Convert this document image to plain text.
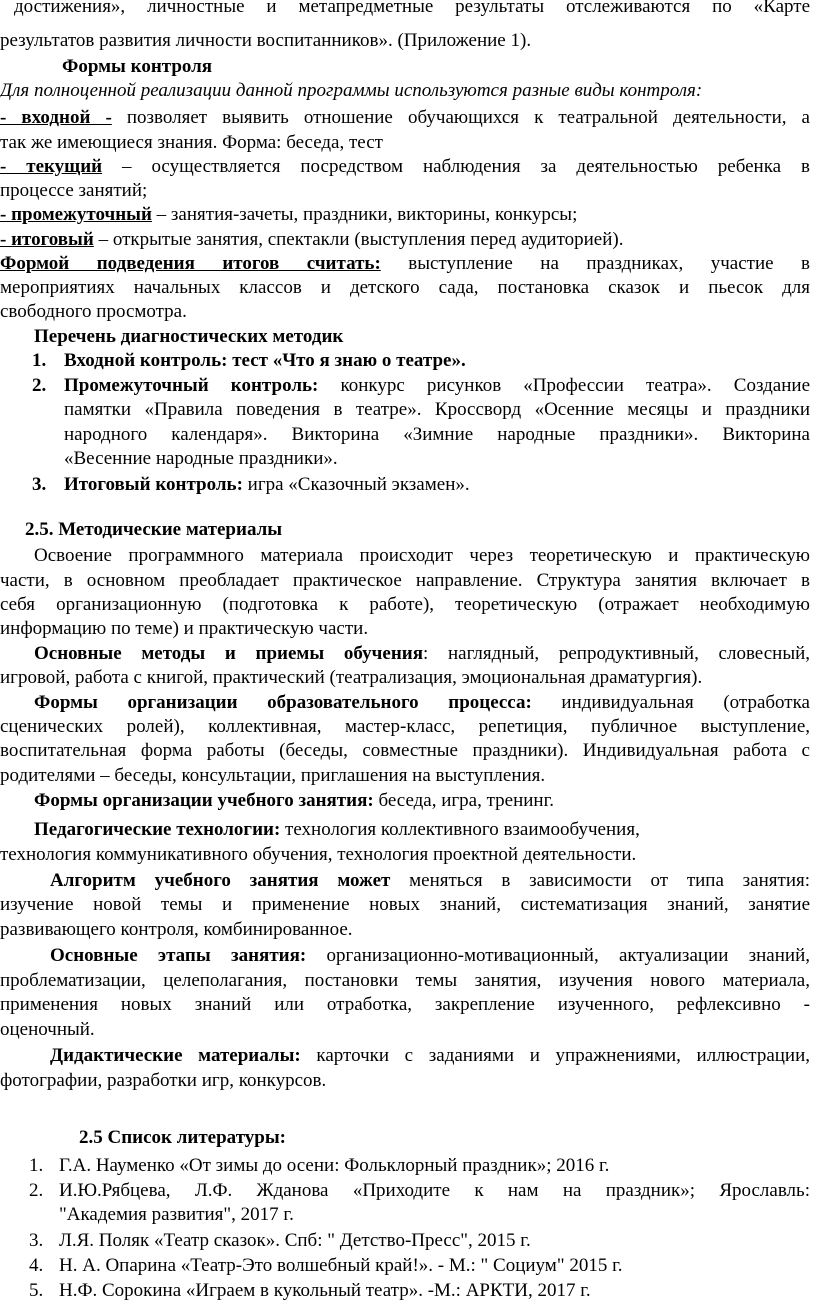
достижения», личностные и метапредметные результаты отслеживаются по «Карте
результатов развития личности воспитанников». (Приложение 1).
Формы контроля
Для полноценной реализации данной программы используются разные виды контроля:
- входной - позволяет выявить отношение обучающихся к театральной деятельности, а
так же имеющиеся знания. Форма: беседа, тест
- текущий – осуществляется посредством наблюдения за деятельностью ребенка в
процессе занятий;
- промежуточный – занятия-зачеты, праздники, викторины, конкурсы;
- итоговый – открытые занятия, спектакли (выступления перед аудиторией).
Формой подведения итогов считать: выступление на праздниках, участие в
мероприятиях начальных классов и детского сада, постановка сказок и пьесок для
свободного просмотра.
Перечень диагностических методик
1. Входной контроль: тест «Что я знаю о театре».
2. Промежуточный контроль: конкурс рисунков «Профессии театра». Создание
памятки «Правила поведения в театре». Кроссворд «Осенние месяцы и праздники
народного календаря». Викторина «Зимние народные праздники». Викторина
«Весенние народные праздники».
3. Итоговый контроль: игра «Сказочный экзамен».
2.5. Методические материалы
Освоение программного материала происходит через теоретическую и практическую
части, в основном преобладает практическое направление. Структура занятия включает в
себя организационную (подготовка к работе), теоретическую (отражает необходимую
информацию по теме) и практическую части.
Основные методы и приемы обучения: наглядный, репродуктивный, словесный,
игровой, работа с книгой, практический (театрализация, эмоциональная драматургия).
Формы организации образовательного процесса: индивидуальная (отработка
сценических ролей), коллективная, мастер-класс, репетиция, публичное выступление,
воспитательная форма работы (беседы, совместные праздники). Индивидуальная работа с
родителями – беседы, консультации, приглашения на выступления.
Формы организации учебного занятия: беседа, игра, тренинг.
Педагогические технологии: технология коллективного взаимообучения,
технология коммуникативного обучения, технология проектной деятельности.
Алгоритм учебного занятия может меняться в зависимости от типа занятия:
изучение новой темы и применение новых знаний, систематизация знаний, занятие
развивающего контроля, комбинированное.
Основные этапы занятия: организационно-мотивационный, актуализации знаний,
проблематизации, целеполагания, постановки темы занятия, изучения нового материала,
применения новых знаний или отработка, закрепление изученного, рефлексивно -
оценочный.
Дидактические материалы: карточки с заданиями и упражнениями, иллюстрации,
фотографии, разработки игр, конкурсов.
2.5 Список литературы:
1. Г.А. Науменко «От зимы до осени: Фольклорный праздник»; 2016 г.
2. И.Ю.Рябцева, Л.Ф. Жданова «Приходите к нам на праздник»; Ярославль:
"Академия развития", 2017 г.
3. Л.Я. Поляк «Театр сказок». Спб: " Детство-Пресс", 2015 г.
4. Н. А. Опарина «Театр-Это волшебный край!». - М.: " Социум" 2015 г.
5. Н.Ф. Сорокина «Играем в кукольный театр». -М.: АРКТИ, 2017 г.
